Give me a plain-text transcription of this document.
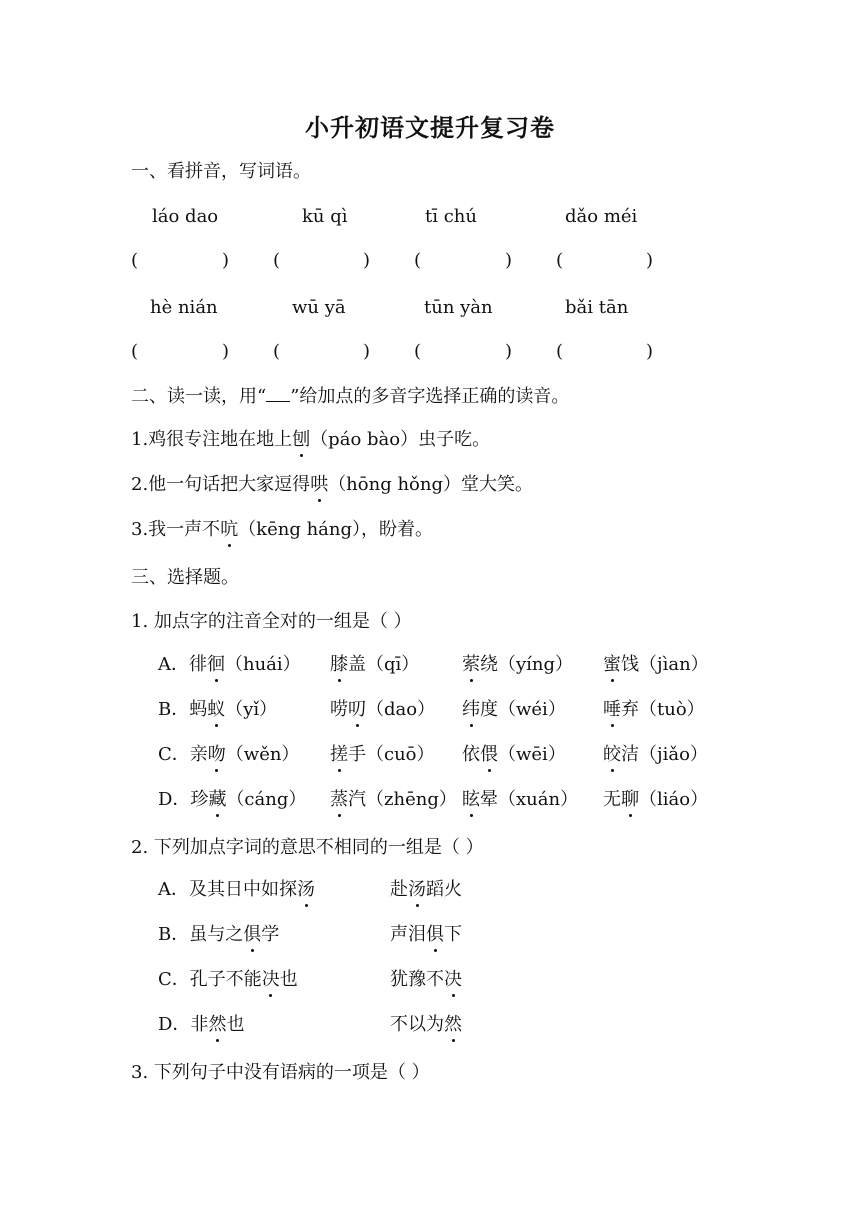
小升初语文提升复习卷
一、看拼音，写词语。
láo dao	kū qì	tī chú	dǎo méi
(	) (	) (	) (	)
hè nián	wū yā	tūn yàn	bǎi tān
(	) (	) (	) (	)
二、读一读，用“ ”给加点的多音字选择正确的读音。
1.鸡很专注地在地上刨（páo bào）虫子吃。
2.他一句话把大家逗得哄（hōng hǒng）堂大笑。
3.我一声不吭（kēng háng），盼着。
三、选择题。
1. 加点字的注音全对的一组是（ ）
A．徘徊（huái） 膝盖（qī） 萦绕（yíng） 蜜饯（jìan）
B．蚂蚁（yǐ）	唠叨（dao） 纬度（wéi） 唾弃（tuò）
C．亲吻（wěn） 搓手（cuō） 依偎（wēi） 皎洁（jiǎo）
D．珍藏（cáng） 蒸汽（zhēng） 眩晕（xuán） 无聊（liáo）
2. 下列加点字词的意思不相同的一组是（ ）
A．及其日中如探汤	赴汤蹈火
B．虽与之俱学	声泪俱下
C．孔子不能决也	犹豫不决
D．非然也	不以为然
3. 下列句子中没有语病的一项是（ ）
